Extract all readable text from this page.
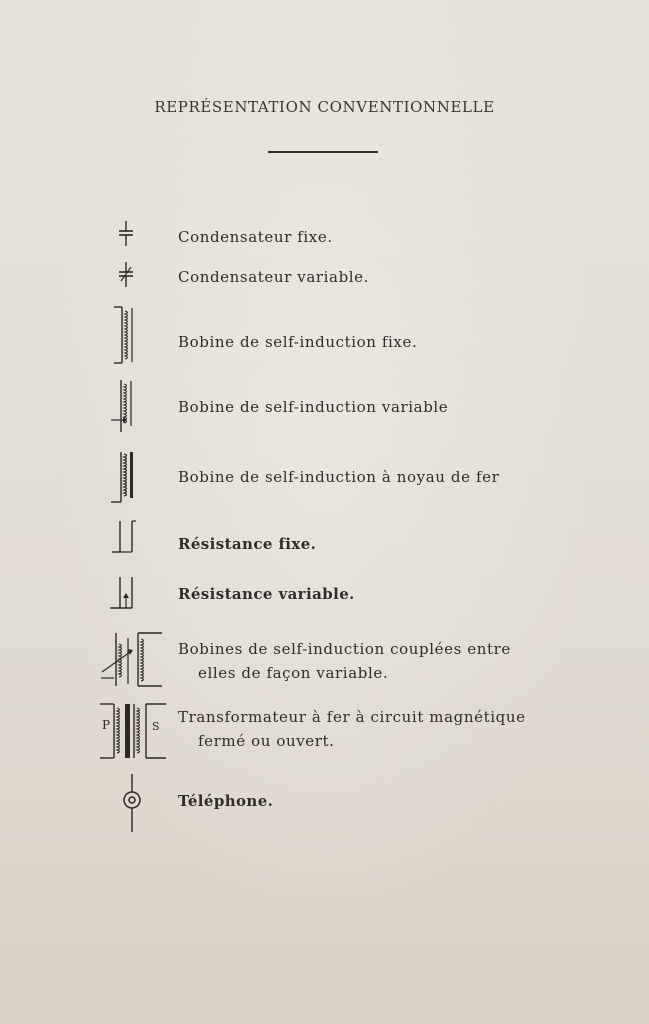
REPRÉSENTATION CONVENTIONNELLE
Condensateur fixe.
Condensateur variable.
Bobine de self-induction fixe.
Bobine de self-induction variable
Bobine de self-induction à noyau de fer
Résistance fixe.
Résistance variable.
Bobines de self-induction couplées entre
elles de façon variable.
P	S
Transformateur à fer à circuit magnétique
fermé ou ouvert.
Téléphone.
